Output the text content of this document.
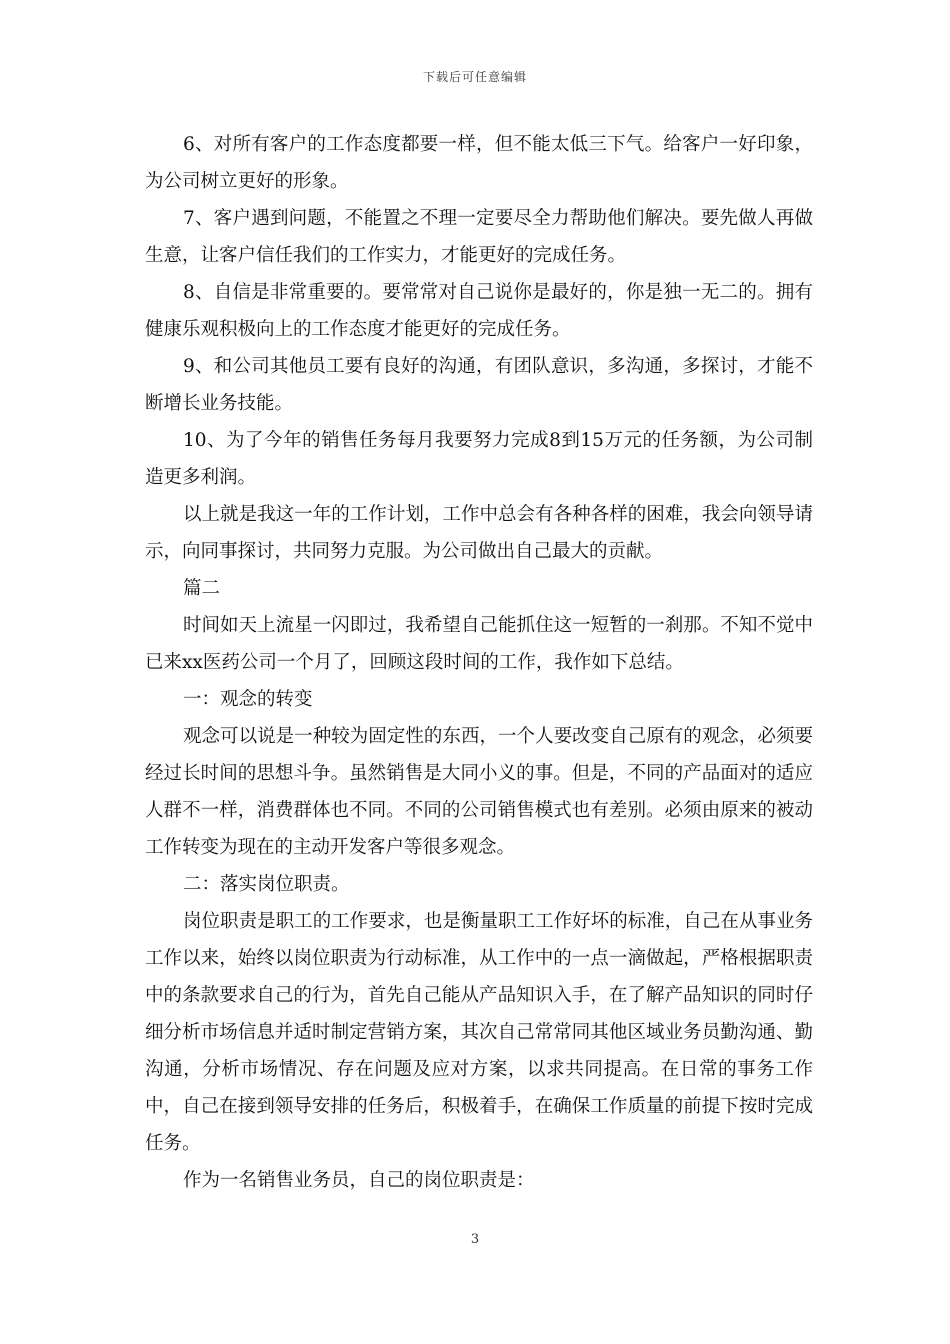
下载后可任意编辑

6、对所有客户的工作态度都要一样，但不能太低三下气。给客户一好印象，为公司树立更好的形象。

7、客户遇到问题，不能置之不理一定要尽全力帮助他们解决。要先做人再做生意，让客户信任我们的工作实力，才能更好的完成任务。

8、自信是非常重要的。要常常对自己说你是最好的，你是独一无二的。拥有健康乐观积极向上的工作态度才能更好的完成任务。

9、和公司其他员工要有良好的沟通，有团队意识，多沟通，多探讨，才能不断增长业务技能。

10、为了今年的销售任务每月我要努力完成8到15万元的任务额，为公司制造更多利润。

以上就是我这一年的工作计划，工作中总会有各种各样的困难，我会向领导请示，向同事探讨，共同努力克服。为公司做出自己最大的贡献。

篇二

时间如天上流星一闪即过，我希望自己能抓住这一短暂的一刹那。不知不觉中已来xx医药公司一个月了，回顾这段时间的工作，我作如下总结。

一：观念的转变

观念可以说是一种较为固定性的东西，一个人要改变自己原有的观念，必须要经过长时间的思想斗争。虽然销售是大同小义的事。但是，不同的产品面对的适应人群不一样，消费群体也不同。不同的公司销售模式也有差别。必须由原来的被动工作转变为现在的主动开发客户等很多观念。

二：落实岗位职责。

岗位职责是职工的工作要求，也是衡量职工工作好坏的标准，自己在从事业务工作以来，始终以岗位职责为行动标准，从工作中的一点一滴做起，严格根据职责中的条款要求自己的行为，首先自己能从产品知识入手，在了解产品知识的同时仔细分析市场信息并适时制定营销方案，其次自己常常同其他区域业务员勤沟通、勤沟通，分析市场情况、存在问题及应对方案，以求共同提高。在日常的事务工作中，自己在接到领导安排的任务后，积极着手，在确保工作质量的前提下按时完成任务。

作为一名销售业务员，自己的岗位职责是：

3
